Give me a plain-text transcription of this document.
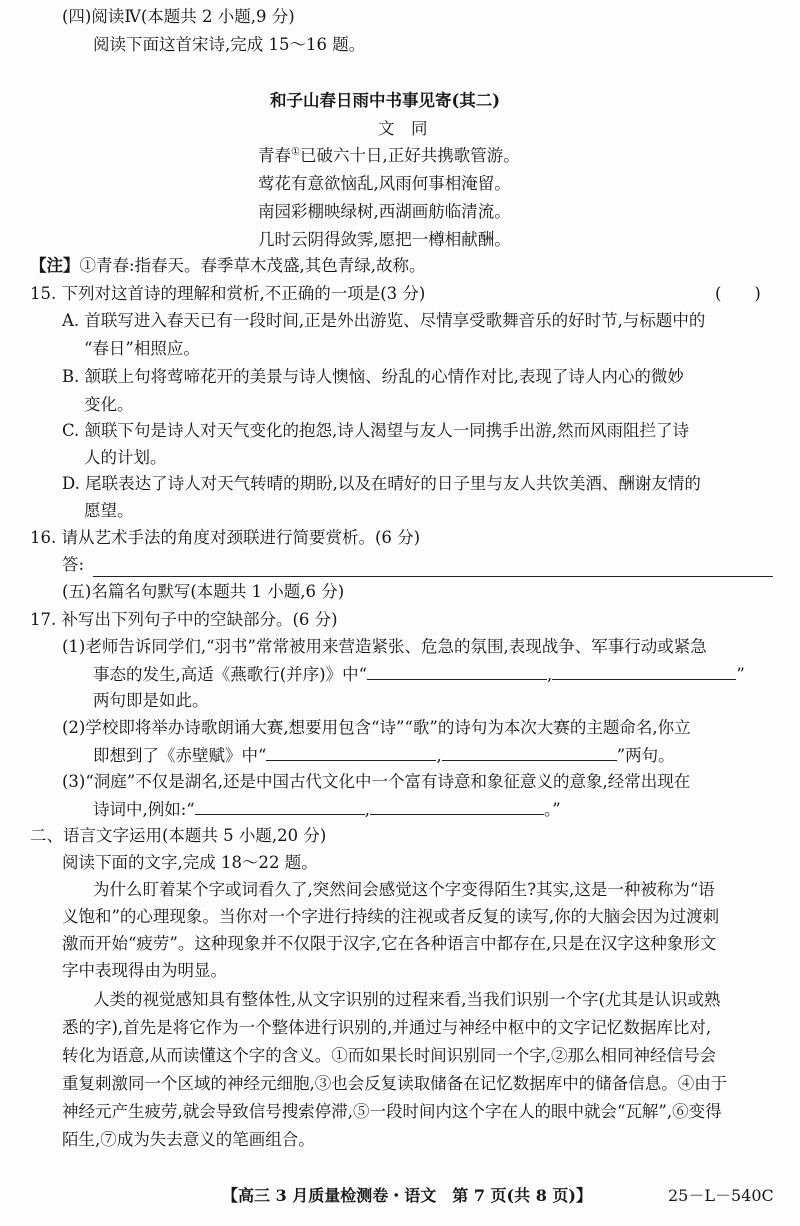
(四)阅读Ⅳ(本题共 2 小题,9 分)
阅读下面这首宋诗,完成 15～16 题。
和子山春日雨中书事见寄(其二)
文　同
青春①已破六十日,正好共携歌管游。
莺花有意欲恼乱,风雨何事相淹留。
南园彩棚映绿树,西湖画舫临清流。
几时云阴得敛霁,愿把一樽相献酬。
【注】①青春:指春天。春季草木茂盛,其色青绿,故称。
15. 下列对这首诗的理解和赏析,不正确的一项是(3 分)	(　　)
A. 首联写进入春天已有一段时间,正是外出游览、尽情享受歌舞音乐的好时节,与标题中的
“春日”相照应。
B. 颔联上句将莺啼花开的美景与诗人懊恼、纷乱的心情作对比,表现了诗人内心的微妙
变化。
C. 颔联下句是诗人对天气变化的抱怨,诗人渴望与友人一同携手出游,然而风雨阻拦了诗
人的计划。
D. 尾联表达了诗人对天气转晴的期盼,以及在晴好的日子里与友人共饮美酒、酬谢友情的
愿望。
16. 请从艺术手法的角度对颈联进行简要赏析。(6 分)
答:
(五)名篇名句默写(本题共 1 小题,6 分)
17. 补写出下列句子中的空缺部分。(6 分)
(1)老师告诉同学们,“羽书”常常被用来营造紧张、危急的氛围,表现战争、军事行动或紧急
事态的发生,高适《燕歌行(并序)》中“	,	”
两句即是如此。
(2)学校即将举办诗歌朗诵大赛,想要用包含“诗”“歌”的诗句为本次大赛的主题命名,你立
即想到了《赤壁赋》中“	,	”两句。
(3)“洞庭”不仅是湖名,还是中国古代文化中一个富有诗意和象征意义的意象,经常出现在
诗词中,例如:“	,	。”
二、语言文字运用(本题共 5 小题,20 分)
阅读下面的文字,完成 18～22 题。
为什么盯着某个字或词看久了,突然间会感觉这个字变得陌生?其实,这是一种被称为“语
义饱和”的心理现象。当你对一个字进行持续的注视或者反复的读写,你的大脑会因为过渡刺
激而开始“疲劳”。这种现象并不仅限于汉字,它在各种语言中都存在,只是在汉字这种象形文
字中表现得由为明显。
人类的视觉感知具有整体性,从文字识别的过程来看,当我们识别一个字(尤其是认识或熟
悉的字),首先是将它作为一个整体进行识别的,并通过与神经中枢中的文字记忆数据库比对,
转化为语意,从而读懂这个字的含义。①而如果长时间识别同一个字,②那么相同神经信号会
重复刺激同一个区域的神经元细胞,③也会反复读取储备在记忆数据库中的储备信息。④由于
神经元产生疲劳,就会导致信号搜索停滞,⑤一段时间内这个字在人的眼中就会“瓦解”,⑥变得
陌生,⑦成为失去意义的笔画组合。
【高三 3 月质量检测卷・语文　第 7 页(共 8 页)】	25－L－540C
